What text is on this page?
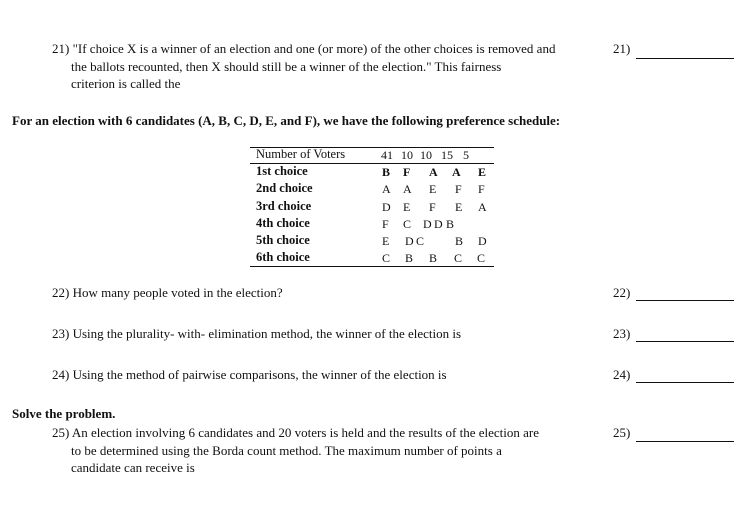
21) "If choice X is a winner of an election and one (or more) of the other choices is removed and
the ballots recounted, then X should still be a winner of the election." This fairness
criterion is called the
21)
For an election with 6 candidates (A, B, C, D, E, and F), we have the following preference schedule:
Number of Voters	41 10 10 15 5
1st choice	B F A A E
2nd choice	A A E F F
3rd choice	D E F E A
4th choice	F C D D B
5th choice	E D C	B D
6th choice	C B B C C
22) How many people voted in the election?	22)
23) Using the plurality- with- elimination method, the winner of the election is	23)
24) Using the method of pairwise comparisons, the winner of the election is	24)
Solve the problem.
25) An election involving 6 candidates and 20 voters is held and the results of the election are
to be determined using the Borda count method. The maximum number of points a
candidate can receive is
25)
